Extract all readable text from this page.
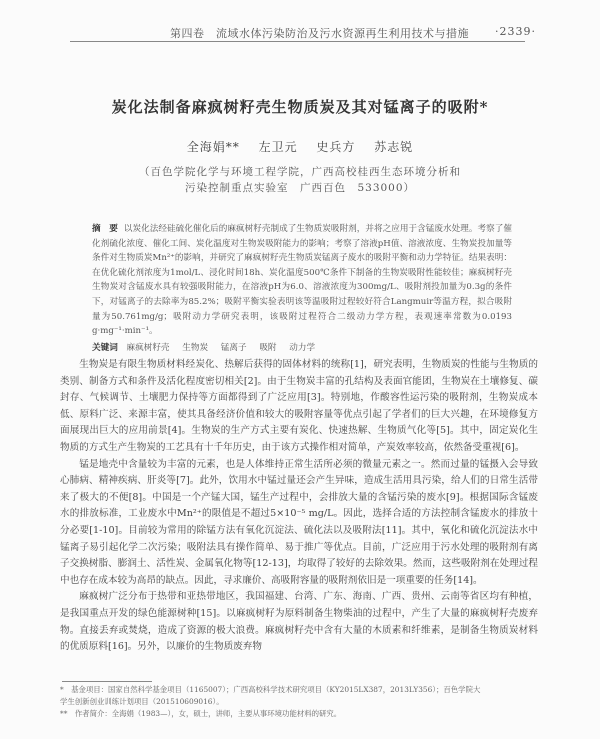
第四卷　流域水体污染防治及污水资源再生利用技术与措施 ·2339·
炭化法制备麻疯树籽壳生物质炭及其对锰离子的吸附*
全海娟** 左卫元 史兵方 苏志锐
（百色学院化学与环境工程学院，广西高校桂西生态环境分析和
污染控制重点实验室　广西百色　533000）
摘　要 以炭化法经硅硫化催化后的麻疯树籽壳制成了生物质炭吸附剂，并将之应用于含锰废水处理。考察了催化剂硫化浓度、催化工间、炭化温度对生物炭吸附能力的影响；考察了溶液pH值、溶液浓度、生物炭投加量等条件对生物质炭Mn²⁺的影响，并研究了麻疯树籽壳生物质炭锰离子废水的吸附平衡和动力学特征。结果表明：在优化硫化剂浓度为1mol/L、浸化时间18h、炭化温度500℃条件下制备的生物炭吸附性能较佳；麻疯树籽壳生物炭对含锰废水具有较强吸附能力，在溶液pH为6.0、溶液浓度为300mg/L、吸附剂投加量为0.3g的条件下，对锰离子的去除率为85.2%；吸附平衡实验表明该等温吸附过程较好符合Langmuir等温方程，拟合吸附量为50.761mg/g；吸附动力学研究表明，该吸附过程符合二级动力学方程，表观速率常数为0.0193 g·mg⁻¹·min⁻¹。
关键词 麻疯树籽壳 生物炭 锰离子 吸附 动力学

生物炭是有限生物质材料经炭化、热解后获得的固体材料的统称[1]，研究表明，生物质炭的性能与生物质的类别、制备方式和条件及活化程度密切相关[2]。由于生物炭丰富的孔结构及表面官能团，生物炭在土壤修复、碳封存、气候调节、土壤肥力保持等方面都得到了广泛应用[3]。特别地，作酸容性运污染的吸附剂，生物炭成本低、原料广泛、来源丰富，使其具备经济价值和较大的吸附容量等优点引起了学者们的巨大兴趣，在环境修复方面展现出巨大的应用前景[4]。生物炭的生产方式主要有炭化、快速热解、生物质气化等[5]。其中，固定炭化生物质的方式生产生物炭的工艺具有十千年历史，由于该方式操作相对简单，产炭效率较高，依然备受重视[6]。

锰是地壳中含量较为丰富的元素，也是人体维持正常生活所必须的微量元素之一。然而过量的锰摄入会导致心肺病、精神疾病、肝炎等[7]。此外，饮用水中锰过量还会产生异味，造成生活用具污染，给人们的日常生活带来了极大的不便[8]。中国是一个产锰大国，锰生产过程中，会排放大量的含锰污染的废水[9]。根据国际含锰废水的排放标准，工业废水中Mn²⁺的限值是不超过5×10⁻⁵ mg/L。因此，选择合适的方法控制含锰废水的排放十分必要[1-10]。目前较为常用的除锰方法有氧化沉淀法、硫化法以及吸附法[11]。其中，氧化和硫化沉淀法水中锰离子易引起化学二次污染；吸附法具有操作简单、易于推广等优点。目前，广泛应用于污水处理的吸附剂有离子交换树脂、膨润土、活性炭、金属氧化物等[12-13]，均取得了较好的去除效果。然而，这些吸附剂在处理过程中也存在成本较为高昂的缺点。因此，寻求廉价、高吸附容量的吸附剂依旧是一项重要的任务[14]。

麻疯树广泛分布于热带和亚热带地区，我国福建、台湾、广东、海南、广西、贵州、云南等省区均有种植，是我国重点开发的绿色能源树种[15]。以麻疯树籽为原料制备生物柴油的过程中，产生了大量的麻疯树籽壳废弃物。直接丢弃或焚烧，造成了资源的极大浪费。麻疯树籽壳中含有大量的木质素和纤维素，是制备生物质炭材料的优质原料[16]。另外，以廉价的生物质废弃物

*　基金项目：国家自然科学基金项目（1165007）；广西高校科学技术研究项目（KY2015LX387，2013LY356）；百色学院大
学生创新创业训练计划项目（201510609016）。
**　作者简介：全海娟（1983—），女，硕士，讲师，主要从事环境功能材料的研究。
